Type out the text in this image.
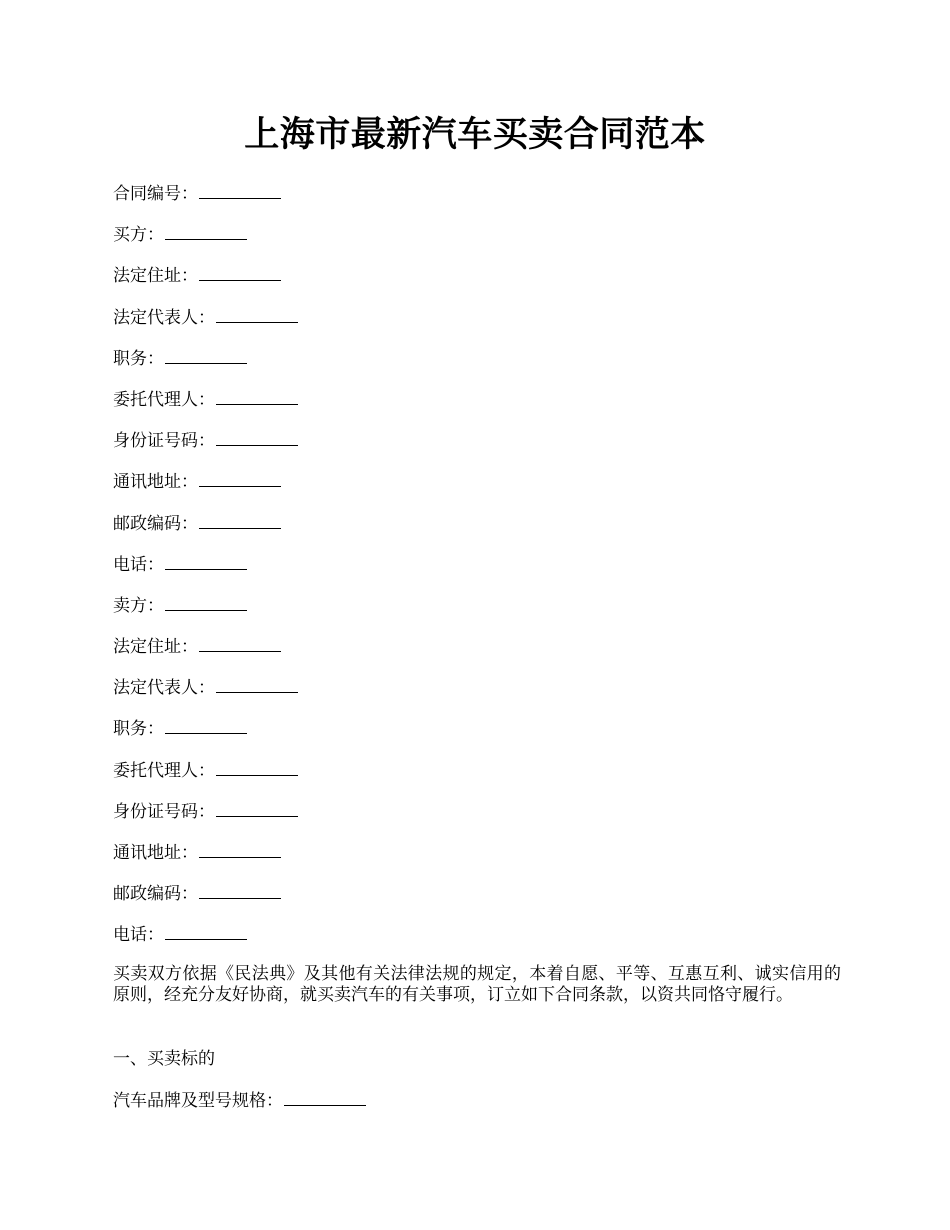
上海市最新汽车买卖合同范本
合同编号：
买方：
法定住址：
法定代表人：
职务：
委托代理人：
身份证号码：
通讯地址：
邮政编码：
电话：
卖方：
法定住址：
法定代表人：
职务：
委托代理人：
身份证号码：
通讯地址：
邮政编码：
电话：
买卖双方依据《民法典》及其他有关法律法规的规定，本着自愿、平等、互惠互利、诚实信用的原则，经充分友好协商，就买卖汽车的有关事项，订立如下合同条款，以资共同恪守履行。
一、买卖标的
汽车品牌及型号规格：
